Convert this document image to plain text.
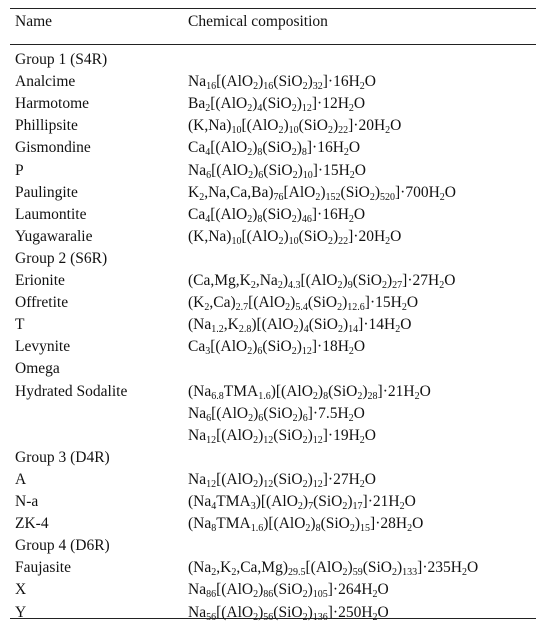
Name	Chemical composition
Group 1 (S4R)
Analcime	$Na_{16}[(AlO_2)_{16}(SiO_2)_{32}]\cdot 16H_2O$
Harmotome	$Ba_2[(AlO_2)_4(SiO_2)_{12}]\cdot 12H_2O$
Phillipsite	$(K,Na)_{10}[(AlO_2)_{10}(SiO_2)_{22}]\cdot 20H_2O$
Gismondine	$Ca_4[(AlO_2)_8(SiO_2)_8]\cdot 16H_2O$
P	$Na_6[(AlO_2)_6(SiO_2)_{10}]\cdot 15H_2O$
Paulingite	$K_2,Na,Ca,Ba)_{76}[AlO_2)_{152}(SiO_2)_{520}]\cdot 700H_2O$
Laumontite	$Ca_4[(AlO_2)_8(SiO_2)_{46}]\cdot 16H_2O$
Yugawaralie	$(K,Na)_{10}[(AlO_2)_{10}(SiO_2)_{22}]\cdot 20H_2O$
Group 2 (S6R)
Erionite	$(Ca,Mg,K_2,Na_2)_{4.3}[(AlO_2)_9(SiO_2)_{27}]\cdot 27H_2O$
Offretite	$(K_2,Ca)_{2.7}[(AlO_2)_{5.4}(SiO_2)_{12.6}]\cdot 15H_2O$
T	$(Na_{1.2},K_{2.8})[(AlO_2)_4(SiO_2)_{14}]\cdot 14H_2O$
Levynite	$Ca_3[(AlO_2)_6(SiO_2)_{12}]\cdot 18H_2O$
Omega
Hydrated Sodalite	$(Na_{6.8}TMA_{1.6})[(AlO_2)_8(SiO_2)_{28}]\cdot 21H_2O$
$Na_6[(AlO_2)_6(SiO_2)_6]\cdot 7.5H_2O$
$Na_{12}[(AlO_2)_{12}(SiO_2)_{12}]\cdot 19H_2O$
Group 3 (D4R)
A	$Na_{12}[(AlO_2)_{12}(SiO_2)_{12}]\cdot 27H_2O$
N-a	$(Na_4TMA_3)[(AlO_2)_7(SiO_2)_{17}]\cdot 21H_2O$
ZK-4	$(Na_8TMA_{1.6})[(AlO_2)_8(SiO_2)_{15}]\cdot 28H_2O$
Group 4 (D6R)
Faujasite	$(Na_2,K_2,Ca,Mg)_{29.5}[(AlO_2)_{59}(SiO_2)_{133}]\cdot 235H_2O$
X	$Na_{86}[(AlO_2)_{86}(SiO_2)_{105}]\cdot 264H_2O$
Y	$Na_{56}[(AlO_2)_{56}(SiO_2)_{136}]\cdot 250H_2O$
